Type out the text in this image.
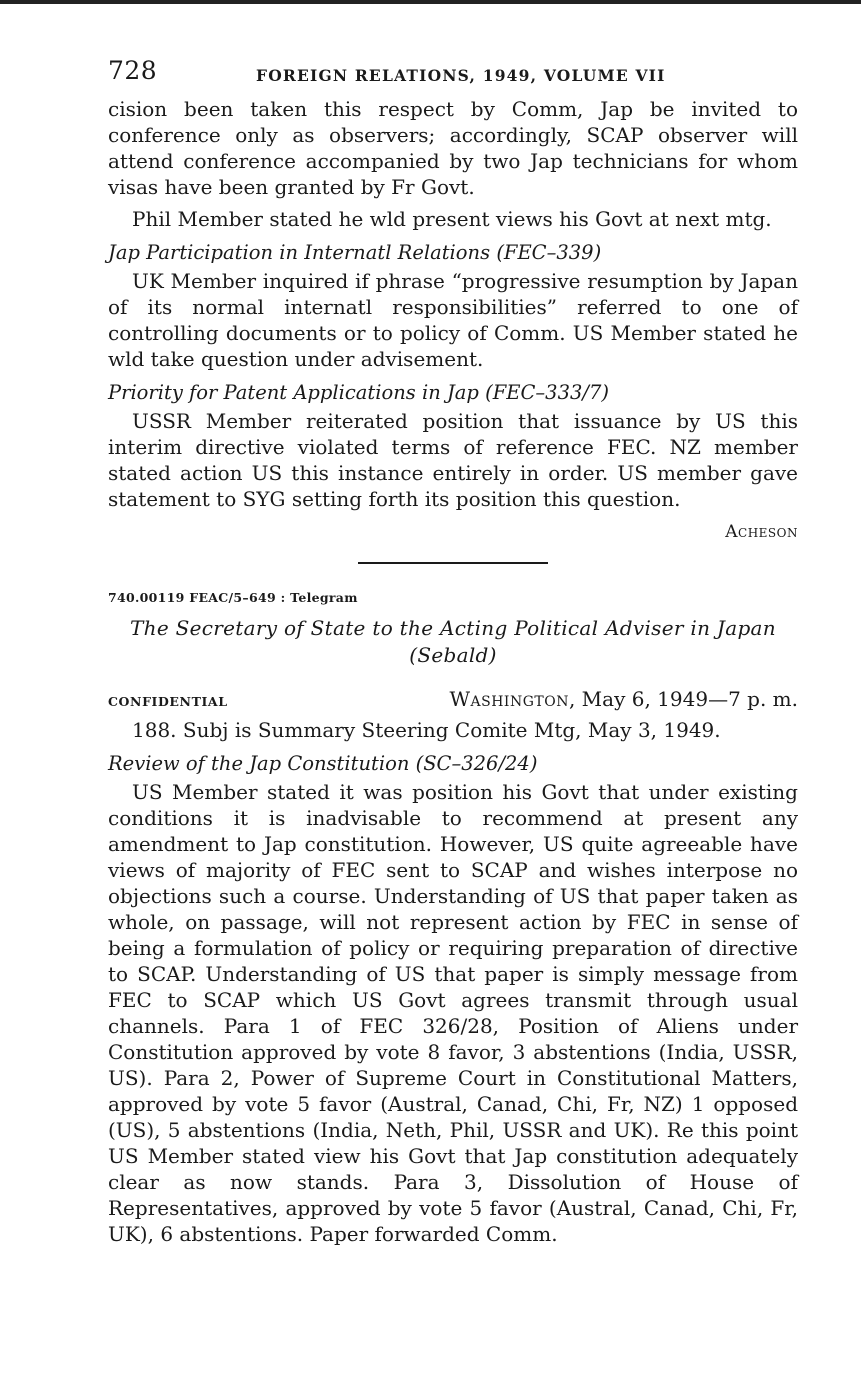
728	FOREIGN RELATIONS, 1949, VOLUME VII

cision been taken this respect by Comm, Jap be invited to conference only as observers; accordingly, SCAP observer will attend conference accompanied by two Jap technicians for whom visas have been granted by Fr Govt.

Phil Member stated he wld present views his Govt at next mtg.

Jap Participation in Internatl Relations (FEC–339)

UK Member inquired if phrase “progressive resumption by Japan of its normal internatl responsibilities” referred to one of controlling documents or to policy of Comm. US Member stated he wld take question under advisement.

Priority for Patent Applications in Jap (FEC–333/7)

USSR Member reiterated position that issuance by US this interim directive violated terms of reference FEC. NZ member stated action US this instance entirely in order. US member gave statement to SYG setting forth its position this question.

Acheson
740.00119 FEAC/5–649 : Telegram
The Secretary of State to the Acting Political Adviser in Japan (Sebald)
CONFIDENTIAL	Washington, May 6, 1949—7 p. m.

188. Subj is Summary Steering Comite Mtg, May 3, 1949.

Review of the Jap Constitution (SC–326/24)

US Member stated it was position his Govt that under existing conditions it is inadvisable to recommend at present any amendment to Jap constitution. However, US quite agreeable have views of majority of FEC sent to SCAP and wishes interpose no objections such a course. Understanding of US that paper taken as whole, on passage, will not represent action by FEC in sense of being a formulation of policy or requiring preparation of directive to SCAP. Understanding of US that paper is simply message from FEC to SCAP which US Govt agrees transmit through usual channels. Para 1 of FEC 326/28, Position of Aliens under Constitution approved by vote 8 favor, 3 abstentions (India, USSR, US). Para 2, Power of Supreme Court in Constitutional Matters, approved by vote 5 favor (Austral, Canad, Chi, Fr, NZ) 1 opposed (US), 5 abstentions (India, Neth, Phil, USSR and UK). Re this point US Member stated view his Govt that Jap constitution adequately clear as now stands. Para 3, Dissolution of House of Representatives, approved by vote 5 favor (Austral, Canad, Chi, Fr, UK), 6 abstentions. Paper forwarded Comm.
